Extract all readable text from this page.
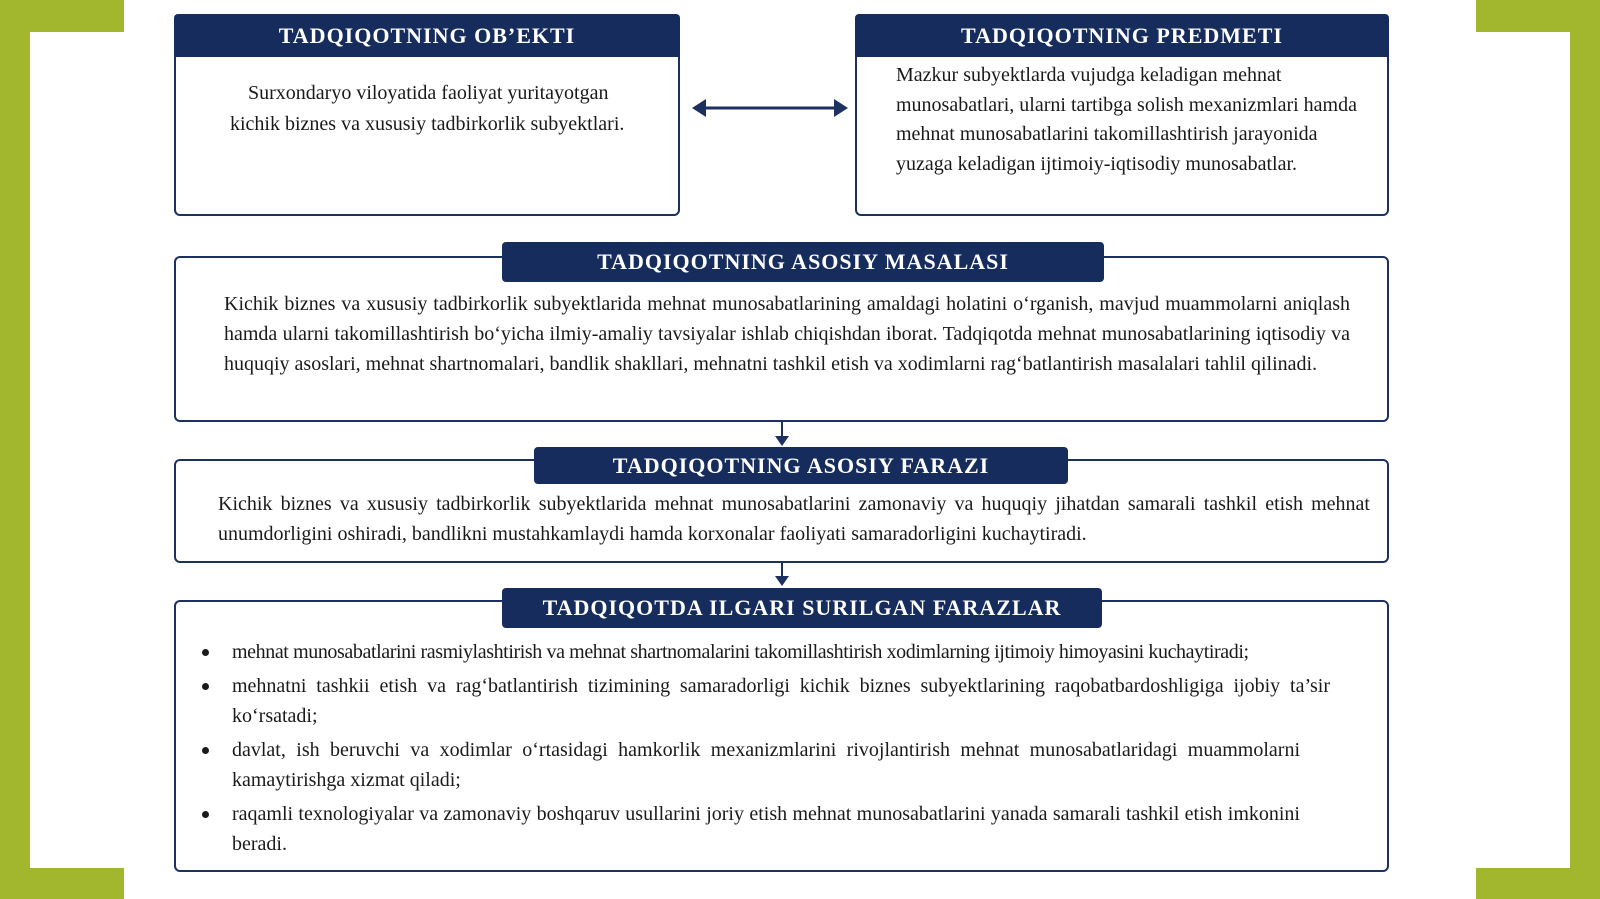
TADQIQOTNING OB’EKTI
Surxondaryo viloyatida faoliyat yuritayotgan kichik biznes va xususiy tadbirkorlik subyektlari.
TADQIQOTNING PREDMETI
Mazkur subyektlarda vujudga keladigan mehnat munosabatlari, ularni tartibga solish mexanizmlari hamda mehnat munosabatlarini takomillashtirish jarayonida yuzaga keladigan ijtimoiy-iqtisodiy munosabatlar.
TADQIQOTNING ASOSIY MASALASI
Kichik biznes va xususiy tadbirkorlik subyektlarida mehnat munosabatlarining amaldagi holatini o‘rganish, mavjud muammolarni aniqlash hamda ularni takomillashtirish bo‘yicha ilmiy-amaliy tavsiyalar ishlab chiqishdan iborat. Tadqiqotda mehnat munosabatlarining iqtisodiy va huquqiy asoslari, mehnat shartnomalari, bandlik shakllari, mehnatni tashkil etish va xodimlarni rag‘batlantirish masalalari tahlil qilinadi.
TADQIQOTNING ASOSIY FARAZI
Kichik biznes va xususiy tadbirkorlik subyektlarida mehnat munosabatlarini zamonaviy va huquqiy jihatdan samarali tashkil etish mehnat unumdorligini oshiradi, bandlikni mustahkamlaydi hamda korxonalar faoliyati samaradorligini kuchaytiradi.
TADQIQOTDA ILGARI SURILGAN FARAZLAR
mehnat munosabatlarini rasmiylashtirish va mehnat shartnomalarini takomillashtirish xodimlarning ijtimoiy himoyasini kuchaytiradi;
mehnatni tashkii etish va rag‘batlantirish tizimining samaradorligi kichik biznes subyektlarining raqobatbardoshligiga ijobiy ta’sir ko‘rsatadi;
davlat, ish beruvchi va xodimlar o‘rtasidagi hamkorlik mexanizmlarini rivojlantirish mehnat munosabatlaridagi muammolarni kamaytirishga xizmat qiladi;
raqamli texnologiyalar va zamonaviy boshqaruv usullarini joriy etish mehnat munosabatlarini yanada samarali tashkil etish imkonini beradi.
